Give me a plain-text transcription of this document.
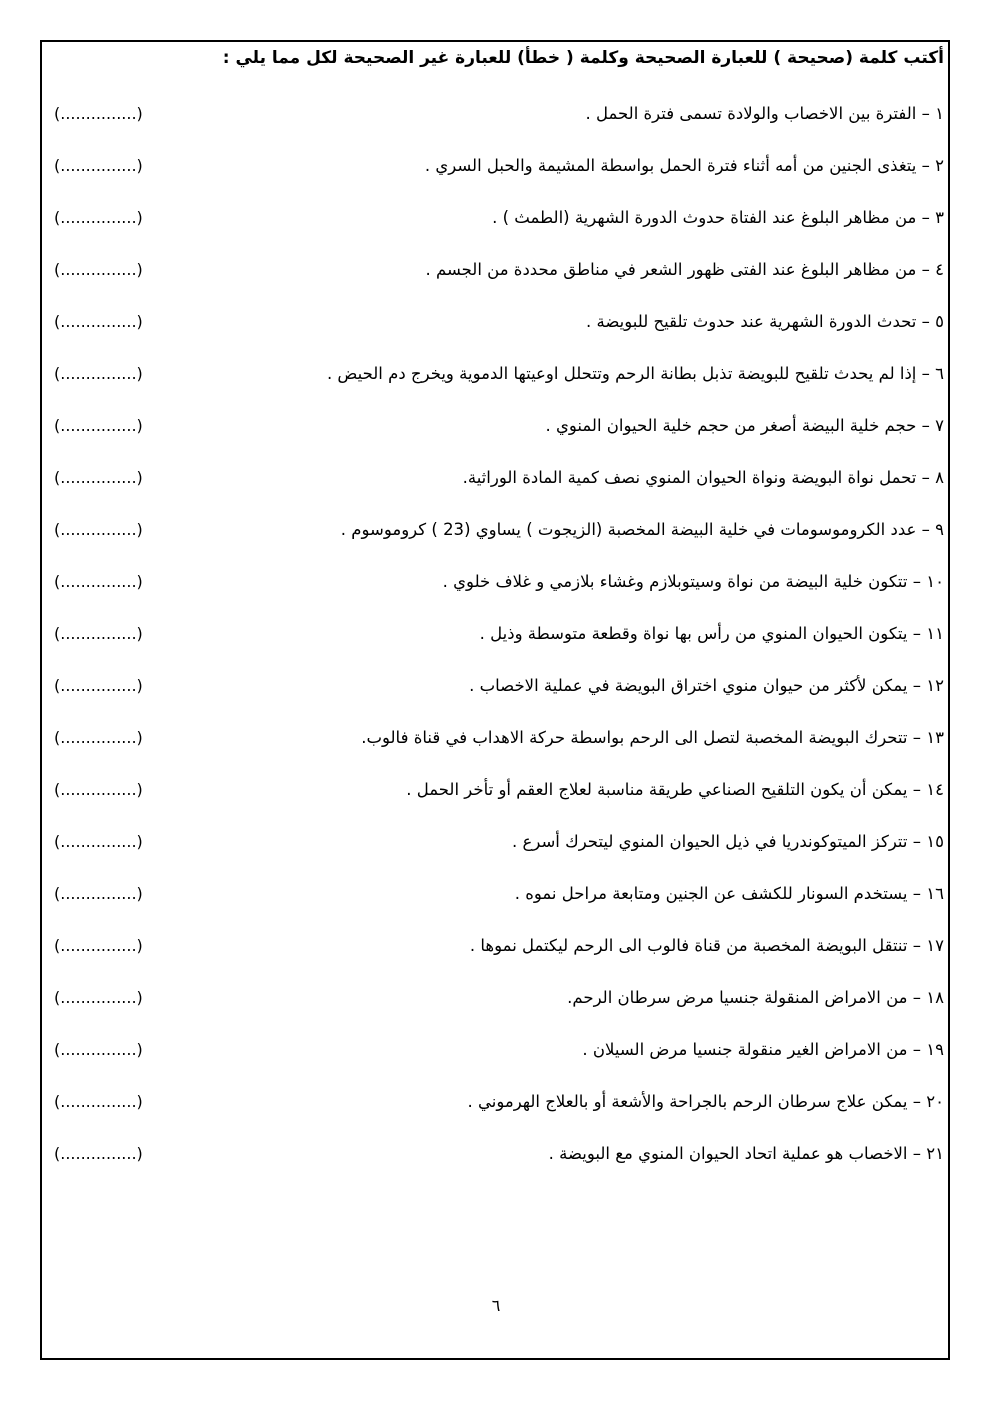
أكتب كلمة (صحيحة ) للعبارة الصحيحة وكلمة ( خطأ) للعبارة غير الصحيحة لكل مما يلي :
١ – الفترة بين الاخصاب والولادة تسمى فترة الحمل .
(...............)
٢ – يتغذى الجنين من أمه أثناء فترة الحمل بواسطة المشيمة والحبل السري .
(...............)
٣ – من مظاهر البلوغ عند الفتاة حدوث الدورة الشهرية (الطمث ) .
(...............)
٤ – من مظاهر البلوغ عند الفتى ظهور الشعر في مناطق محددة من الجسم .
(...............)
٥ – تحدث الدورة الشهرية عند حدوث تلقيح للبويضة .
(...............)
٦ – إذا لم يحدث تلقيح للبويضة تذبل بطانة الرحم وتتحلل اوعيتها الدموية ويخرج دم الحيض .
(...............)
٧ – حجم خلية البيضة أصغر من حجم خلية الحيوان المنوي .
(...............)
٨ – تحمل نواة البويضة ونواة الحيوان المنوي نصف كمية المادة الوراثية.
(...............)
٩ – عدد الكروموسومات في خلية البيضة المخصبة (الزيجوت ) يساوي (23 ) كروموسوم .
(...............)
١٠ – تتكون خلية البيضة من نواة وسيتوبلازم وغشاء بلازمي و غلاف خلوي .
(...............)
١١ – يتكون الحيوان المنوي من رأس بها نواة وقطعة متوسطة وذيل .
(...............)
١٢ – يمكن لأكثر من حيوان منوي اختراق البويضة في عملية الاخصاب .
(...............)
١٣ – تتحرك البويضة المخصبة لتصل الى الرحم بواسطة حركة الاهداب في قناة فالوب.
(...............)
١٤ – يمكن أن يكون التلقيح الصناعي طريقة مناسبة لعلاج العقم أو تأخر الحمل .
(...............)
١٥ – تتركز الميتوكوندريا في ذيل الحيوان المنوي ليتحرك أسرع .
(...............)
١٦ – يستخدم السونار للكشف عن الجنين ومتابعة مراحل نموه .
(...............)
١٧ – تنتقل البويضة المخصبة من قناة فالوب الى الرحم ليكتمل نموها .
(...............)
١٨ – من الامراض المنقولة جنسيا مرض سرطان الرحم.
(...............)
١٩ – من الامراض الغير منقولة جنسيا مرض السيلان .
(...............)
٢٠ – يمكن علاج سرطان الرحم بالجراحة والأشعة أو بالعلاج الهرموني .
(...............)
٢١ – الاخصاب هو عملية اتحاد الحيوان المنوي مع البويضة .
(...............)
٦
